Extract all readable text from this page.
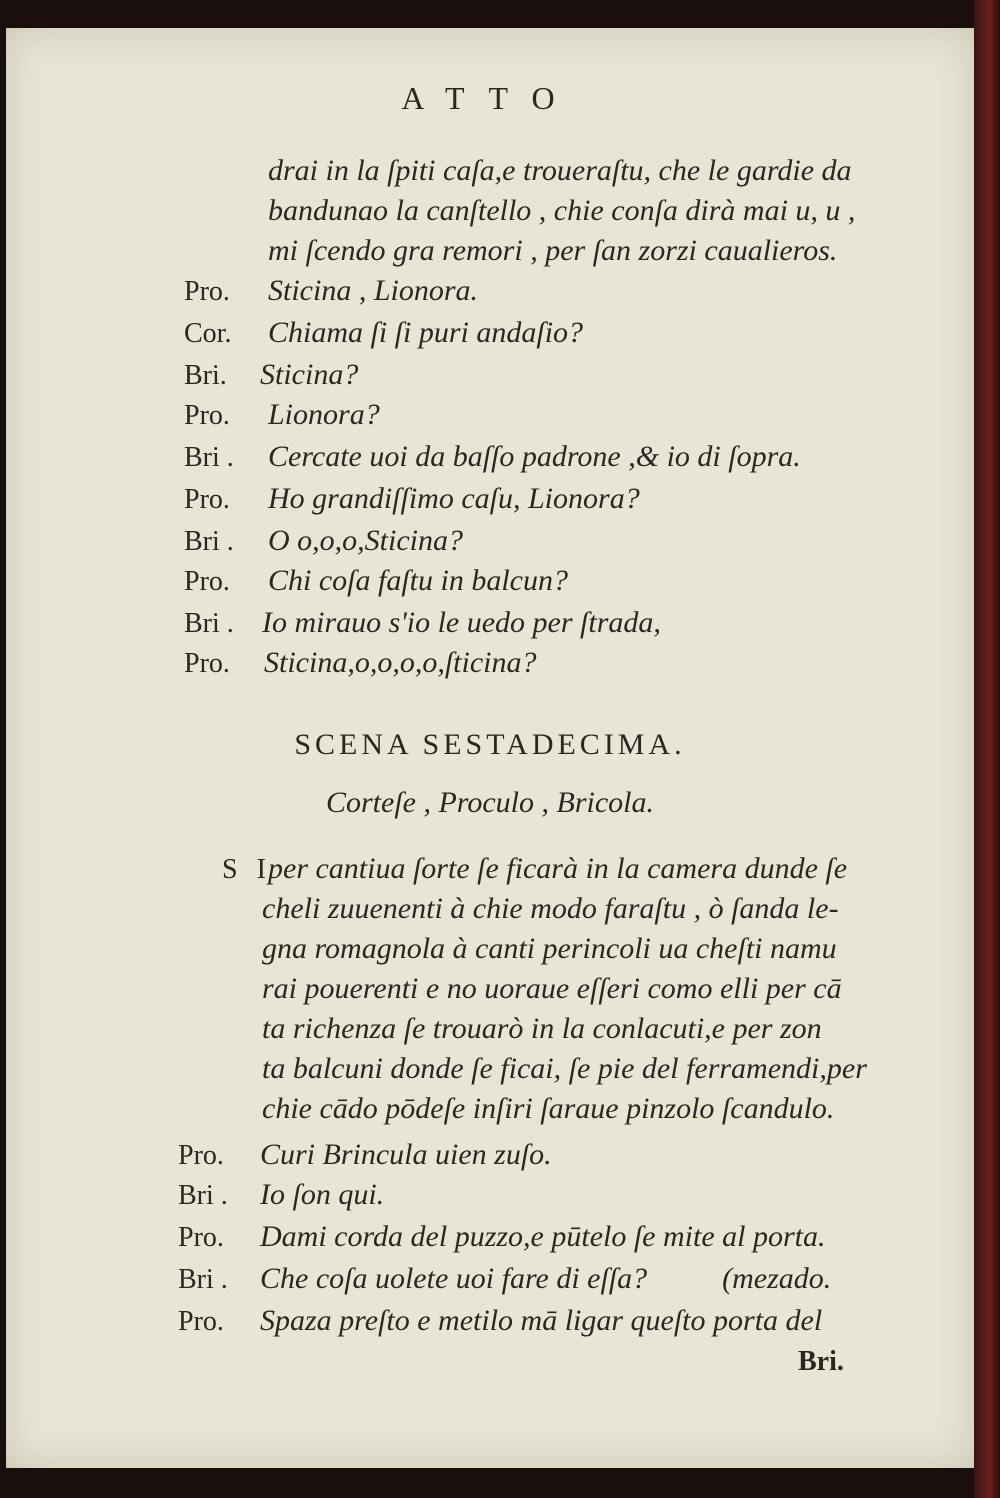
ATTO
drai in la ſpiti caſa,e troueraſtu, che le gardie da
bandunao la canſtello , chie conſa dirà mai u, u ,
mi ſcendo gra remori , per ſan zorzi caualieros.
Pro. Sticina , Lionora.
Cor. Chiama ſi ſi puri andaſio?
Bri. Sticina?
Pro. Lionora?
Bri . Cercate uoi da baſſo padrone ,& io di ſopra.
Pro. Ho grandiſſimo caſu, Lionora?
Bri . O o,o,o,Sticina?
Pro. Chi coſa faſtu in balcun?
Bri . Io mirauo s'io le uedo per ſtrada,
Pro. Sticina,o,o,o,o,ſticina?
SCENA SESTADECIMA.
Corteſe , Proculo , Bricola.
S I
per cantiua ſorte ſe ficarà in la camera dunde ſe
cheli zuuenenti à chie modo faraſtu , ò ſanda le-
gna romagnola à canti perincoli ua cheſti namu
rai pouerenti e no uoraue eſſeri como elli per cā
ta richenza ſe trouarò in la conlacuti,e per zon
ta balcuni donde ſe ficai, ſe pie del ferramendi,per
chie cādo pōdeſe inſiri ſaraue pinzolo ſcandulo.
Pro. Curi Brincula uien zuſo.
Bri . Io ſon qui.
Pro. Dami corda del puzzo,e pūtelo ſe mite al porta.
Bri . Che coſa uolete uoi fare di eſſa?          (mezado.
Pro. Spaza preſto e metilo mā ligar queſto porta del
Bri.
